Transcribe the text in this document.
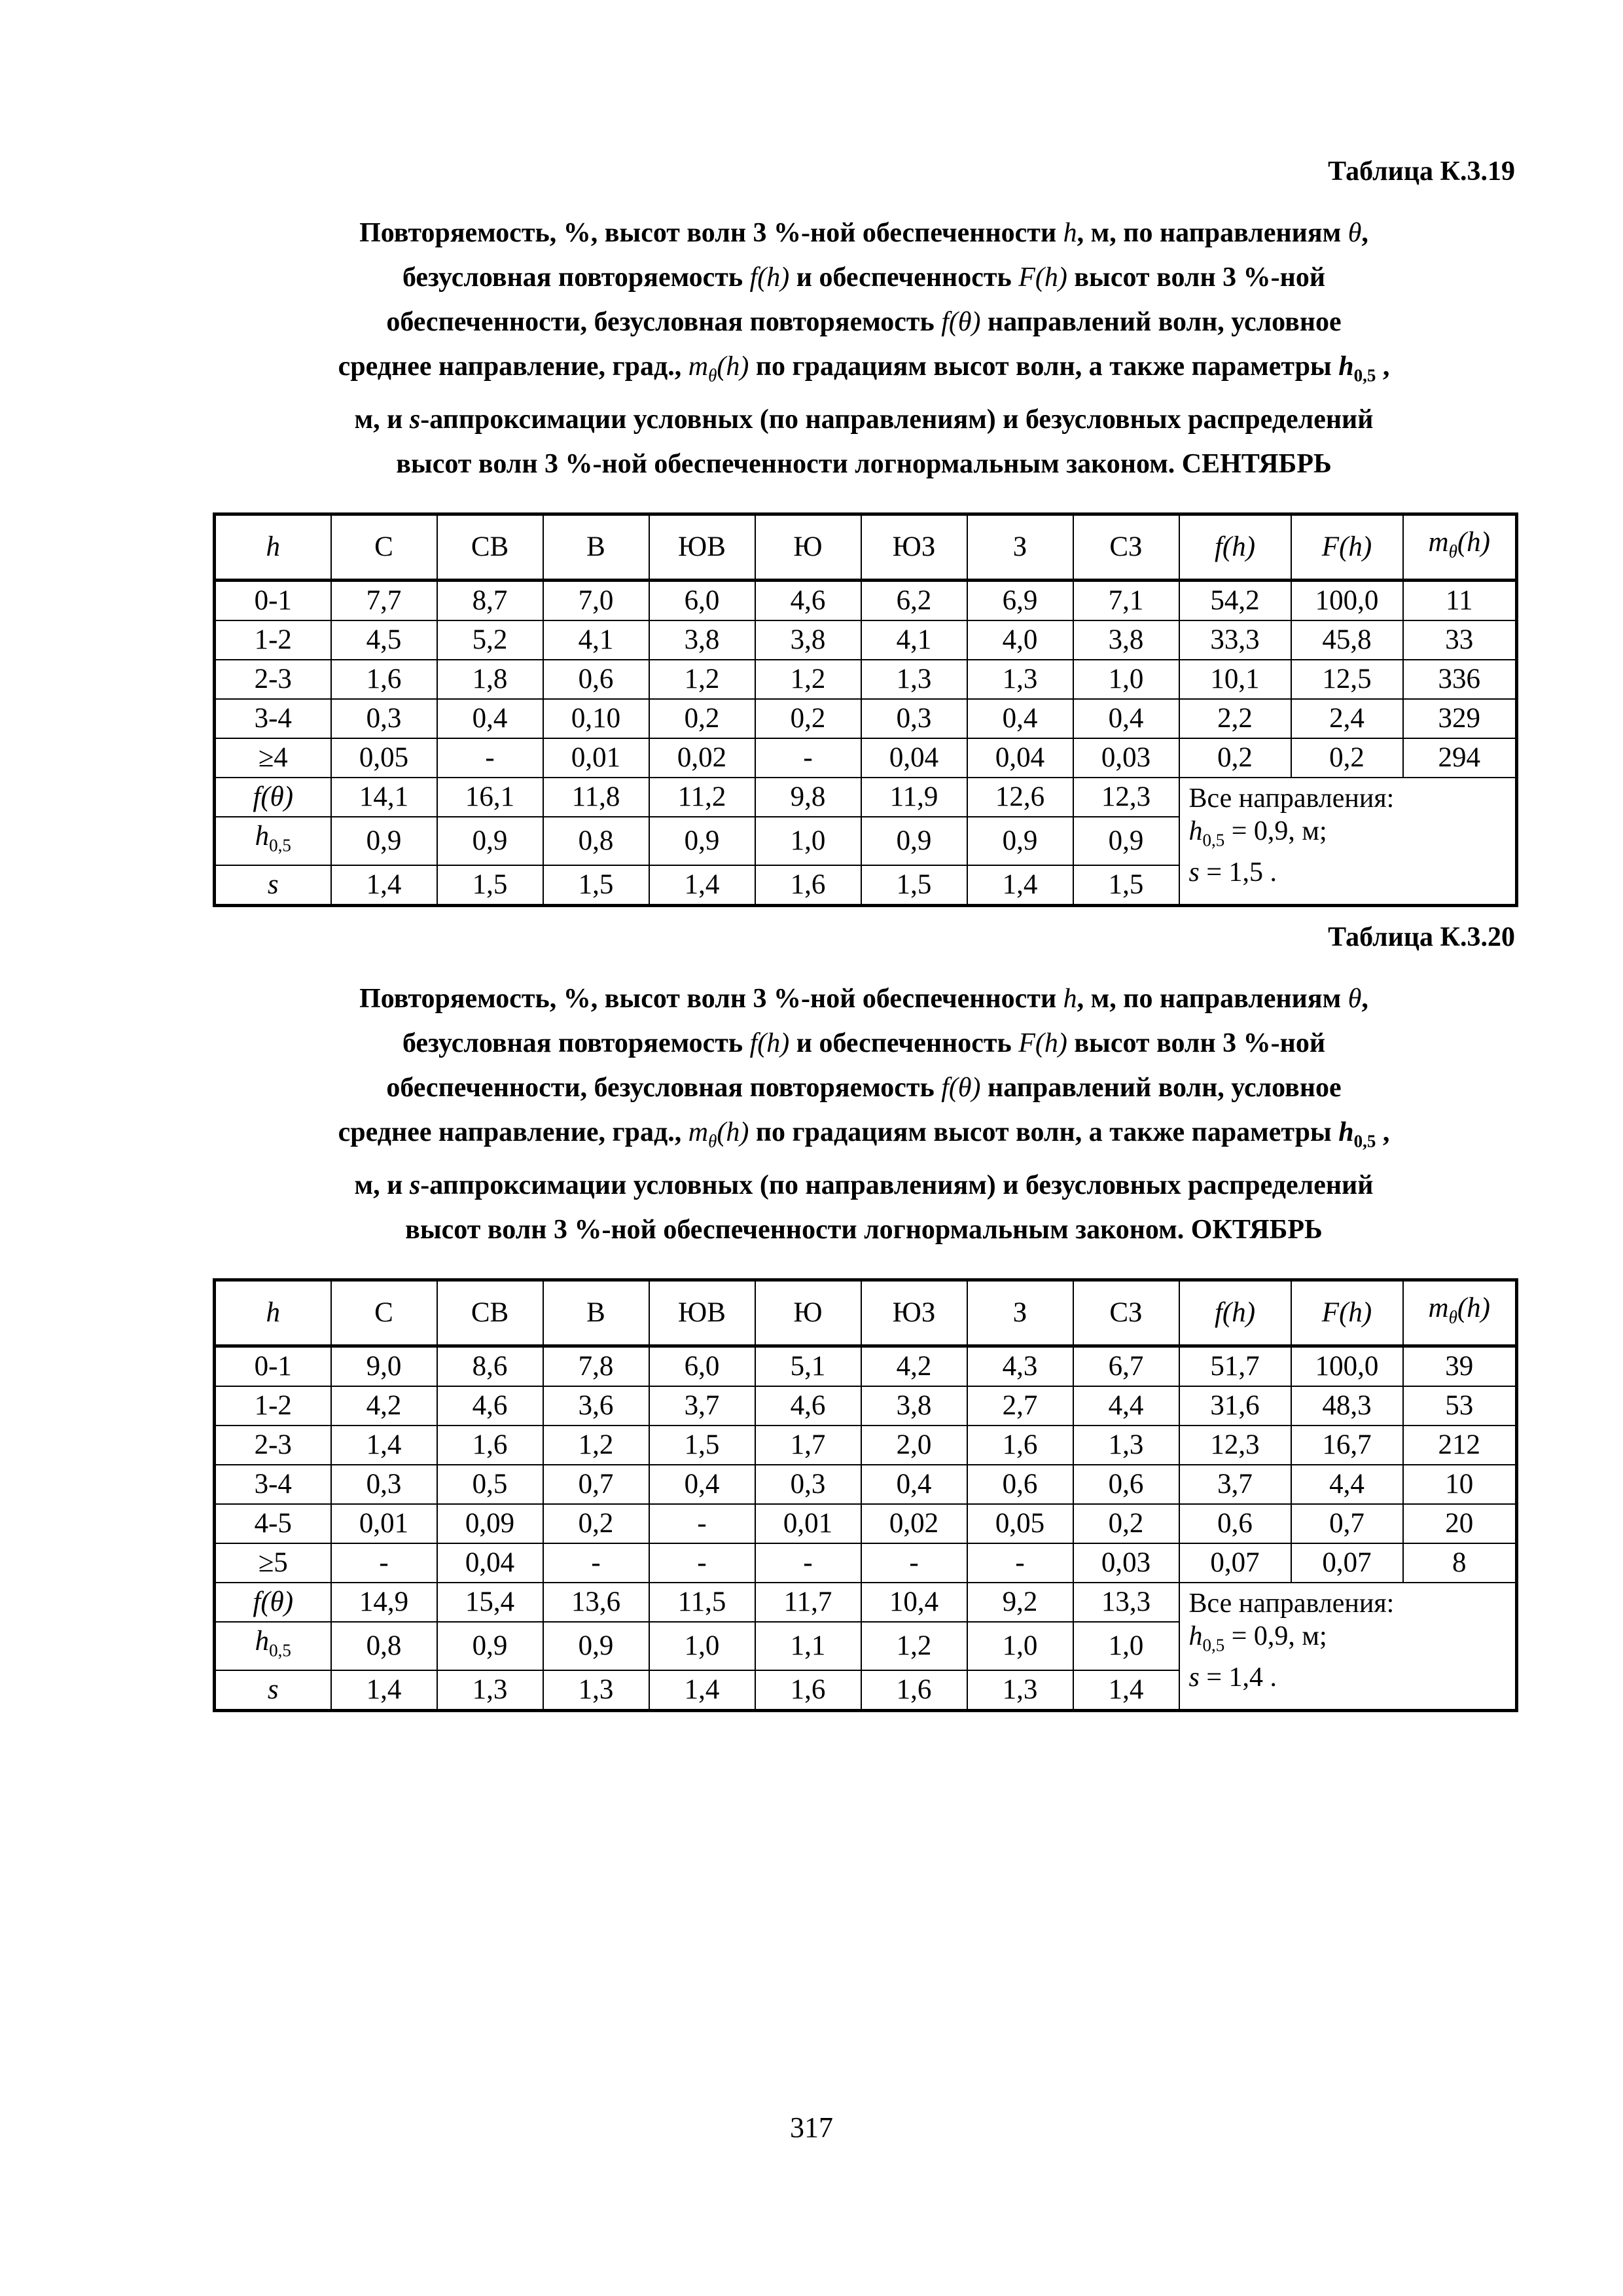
Таблица К.3.19
Повторяемость, %, высот волн 3 %-ной обеспеченности h, м, по направлениям θ,
безусловная повторяемость f(h) и обеспеченность F(h) высот волн 3 %-ной
обеспеченности, безусловная повторяемость f(θ) направлений волн, условное
среднее направление, град., $m_\theta(h)$ по градациям высот волн, а также параметры $h_{0,5}$ ,
м, и s-аппроксимации условных (по направлениям) и безусловных распределений
высот волн 3 %-ной обеспеченности логнормальным законом. СЕНТЯБРЬ
h	С	СВ	В	ЮВ	Ю	ЮЗ	З	СЗ	f(h)	F(h)	$m_\theta(h)$
0-1	7,7	8,7	7,0	6,0	4,6	6,2	6,9	7,1	54,2	100,0	11
1-2	4,5	5,2	4,1	3,8	3,8	4,1	4,0	3,8	33,3	45,8	33
2-3	1,6	1,8	0,6	1,2	1,2	1,3	1,3	1,0	10,1	12,5	336
3-4	0,3	0,4	0,10	0,2	0,2	0,3	0,4	0,4	2,2	2,4	329
≥4	0,05	-	0,01	0,02	-	0,04	0,04	0,03	0,2	0,2	294
f(θ)	14,1	16,1	11,8	11,2	9,8	11,9	12,6	12,3	Все направления:
$h_{0,5} = 0,9$, м;
s = 1,5 .		

$h_{0,5}$	0,9	0,9	0,8	0,9	1,0	0,9	0,9	0,9			
s	1,4	1,5	1,5	1,4	1,6	1,5	1,4	1,5			
Таблица К.3.20
Повторяемость, %, высот волн 3 %-ной обеспеченности h, м, по направлениям θ,
безусловная повторяемость f(h) и обеспеченность F(h) высот волн 3 %-ной
обеспеченности, безусловная повторяемость f(θ) направлений волн, условное
среднее направление, град., $m_\theta(h)$ по градациям высот волн, а также параметры $h_{0,5}$ ,
м, и s-аппроксимации условных (по направлениям) и безусловных распределений
высот волн 3 %-ной обеспеченности логнормальным законом. ОКТЯБРЬ
h	С	СВ	В	ЮВ	Ю	ЮЗ	З	СЗ	f(h)	F(h)	$m_\theta(h)$
0-1	9,0	8,6	7,8	6,0	5,1	4,2	4,3	6,7	51,7	100,0	39
1-2	4,2	4,6	3,6	3,7	4,6	3,8	2,7	4,4	31,6	48,3	53
2-3	1,4	1,6	1,2	1,5	1,7	2,0	1,6	1,3	12,3	16,7	212
3-4	0,3	0,5	0,7	0,4	0,3	0,4	0,6	0,6	3,7	4,4	10
4-5	0,01	0,09	0,2	-	0,01	0,02	0,05	0,2	0,6	0,7	20
≥5	-	0,04	-	-	-	-	-	0,03	0,07	0,07	8
f(θ)	14,9	15,4	13,6	11,5	11,7	10,4	9,2	13,3	Все направления:
$h_{0,5} = 0,9$, м;
s = 1,4 .		

$h_{0,5}$	0,8	0,9	0,9	1,0	1,1	1,2	1,0	1,0			
s	1,4	1,3	1,3	1,4	1,6	1,6	1,3	1,4			
317
